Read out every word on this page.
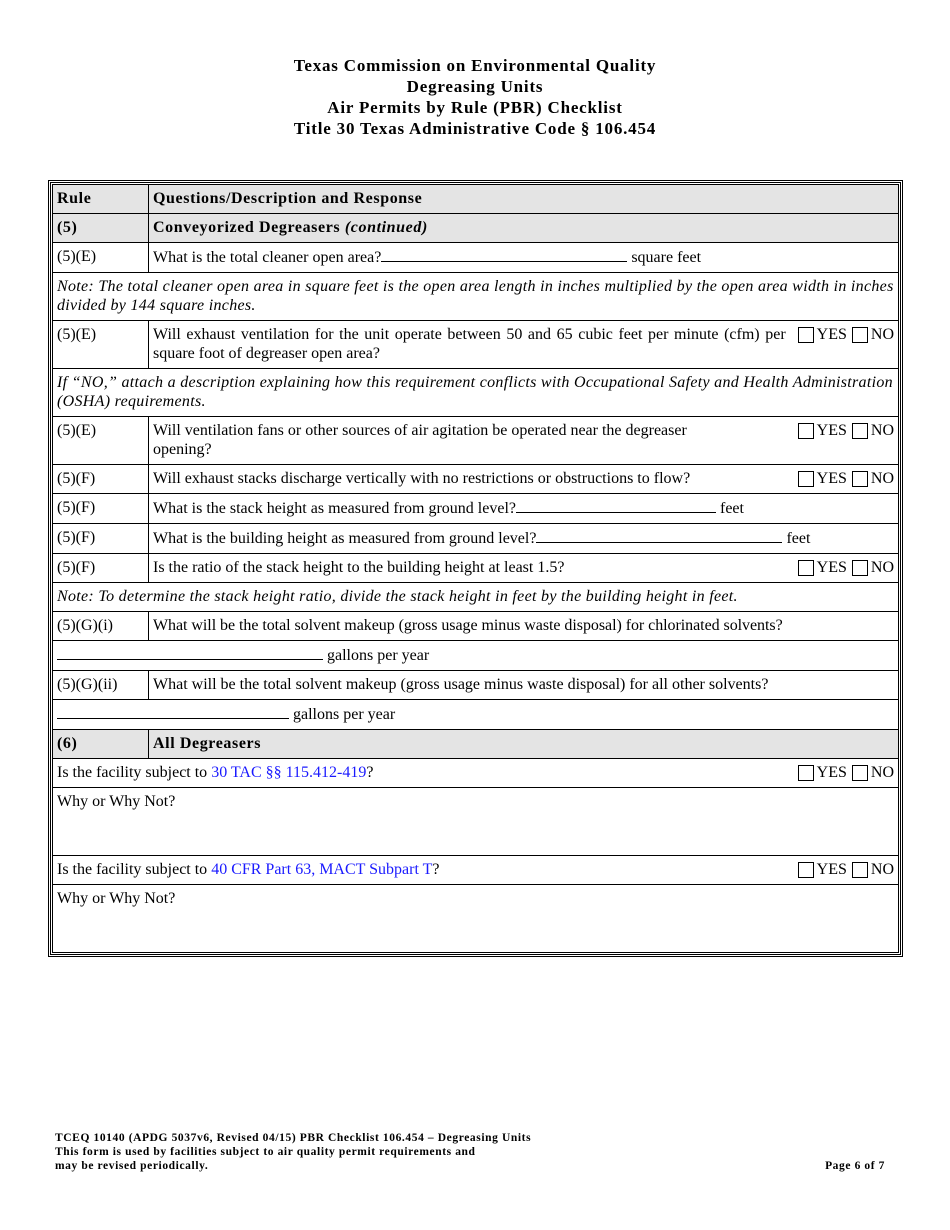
Texas Commission on Environmental Quality
Degreasing Units
Air Permits by Rule (PBR) Checklist
Title 30 Texas Administrative Code § 106.454
Rule	Questions/Description and Response
(5)	Conveyorized Degreasers (continued)
(5)(E)	What is the total cleaner open area? square feet
Note: The total cleaner open area in square feet is the open area length in inches multiplied by the open area width in inches divided by 144 square inches.	
(5)(E)	Will exhaust ventilation for the unit operate between 50 and 65 cubic feet per minute (cfm) per square foot of degreaser open area?
YES NO

If “NO,” attach a description explaining how this requirement conflicts with Occupational Safety and Health Administration (OSHA) requirements.	
(5)(E)	Will ventilation fans or other sources of air agitation be operated near the degreaser opening?
YES NO

(5)(F)	Will exhaust stacks discharge vertically with no restrictions or obstructions to flow? YES NO

(5)(F)	What is the stack height as measured from ground level? feet
(5)(F)	What is the building height as measured from ground level? feet
(5)(F)	Is the ratio of the stack height to the building height at least 1.5? YES NO

Note: To determine the stack height ratio, divide the stack height in feet by the building height in feet.	
(5)(G)(i)	What will be the total solvent makeup (gross usage minus waste disposal) for chlorinated solvents?
gallons per year	
(5)(G)(ii)	What will be the total solvent makeup (gross usage minus waste disposal) for all other solvents?
gallons per year	
(6)	All Degreasers

Is the facility subject to 30 TAC §§ 115.412-419? YES NO	

Why or Why Not?	

Is the facility subject to 40 CFR Part 63, MACT Subpart T? YES NO	

Why or Why Not?	
TCEQ 10140 (APDG 5037v6, Revised 04/15) PBR Checklist 106.454 – Degreasing Units
This form is used by facilities subject to air quality permit requirements and
may be revised periodically.	Page 6 of 7
